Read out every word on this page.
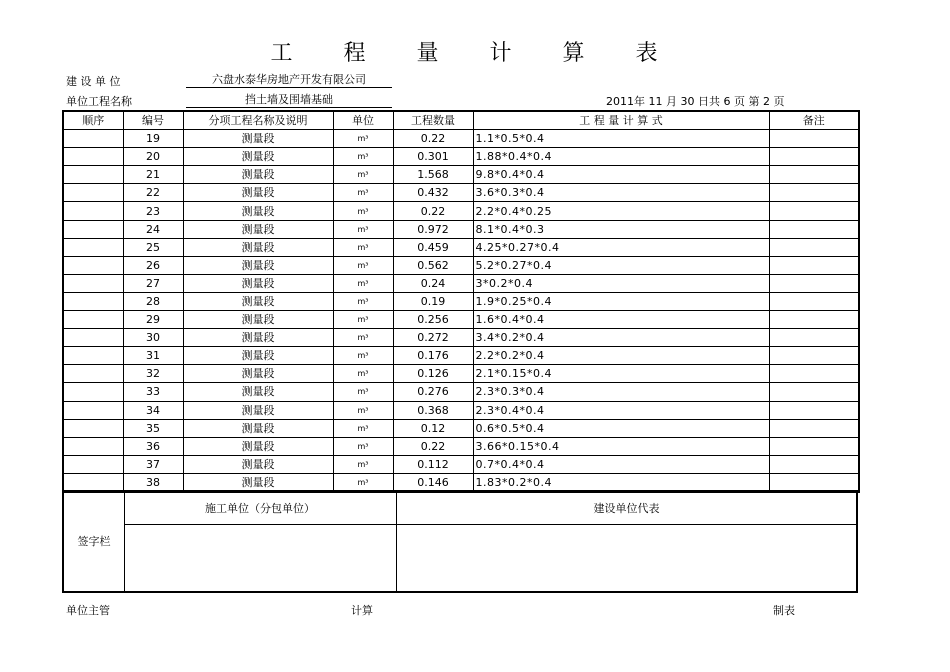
工 程 量 计 算 表
建 设 单 位	六盘水泰华房地产开发有限公司
单位工程名称	挡土墙及围墙基础	2011年 11 月 30 日共 6 页 第 2 页
顺序	编号	分项工程名称及说明	单位	工程数量	工 程 量 计 算 式	备注
	19	测量段	m³	0.22	1.1*0.5*0.4	
	20	测量段	m³	0.301	1.88*0.4*0.4	
	21	测量段	m³	1.568	9.8*0.4*0.4	
	22	测量段	m³	0.432	3.6*0.3*0.4	
	23	测量段	m³	0.22	2.2*0.4*0.25	
	24	测量段	m³	0.972	8.1*0.4*0.3	
	25	测量段	m³	0.459	4.25*0.27*0.4	
	26	测量段	m³	0.562	5.2*0.27*0.4	
	27	测量段	m³	0.24	3*0.2*0.4	
	28	测量段	m³	0.19	1.9*0.25*0.4	
	29	测量段	m³	0.256	1.6*0.4*0.4	
	30	测量段	m³	0.272	3.4*0.2*0.4	
	31	测量段	m³	0.176	2.2*0.2*0.4	
	32	测量段	m³	0.126	2.1*0.15*0.4	
	33	测量段	m³	0.276	2.3*0.3*0.4	
	34	测量段	m³	0.368	2.3*0.4*0.4	
	35	测量段	m³	0.12	0.6*0.5*0.4	
	36	测量段	m³	0.22	3.66*0.15*0.4	
	37	测量段	m³	0.112	0.7*0.4*0.4	
	38	测量段	m³	0.146	1.83*0.2*0.4	
签字栏
施工单位（分包单位）	建设单位代表
单位主管	计算	制表
